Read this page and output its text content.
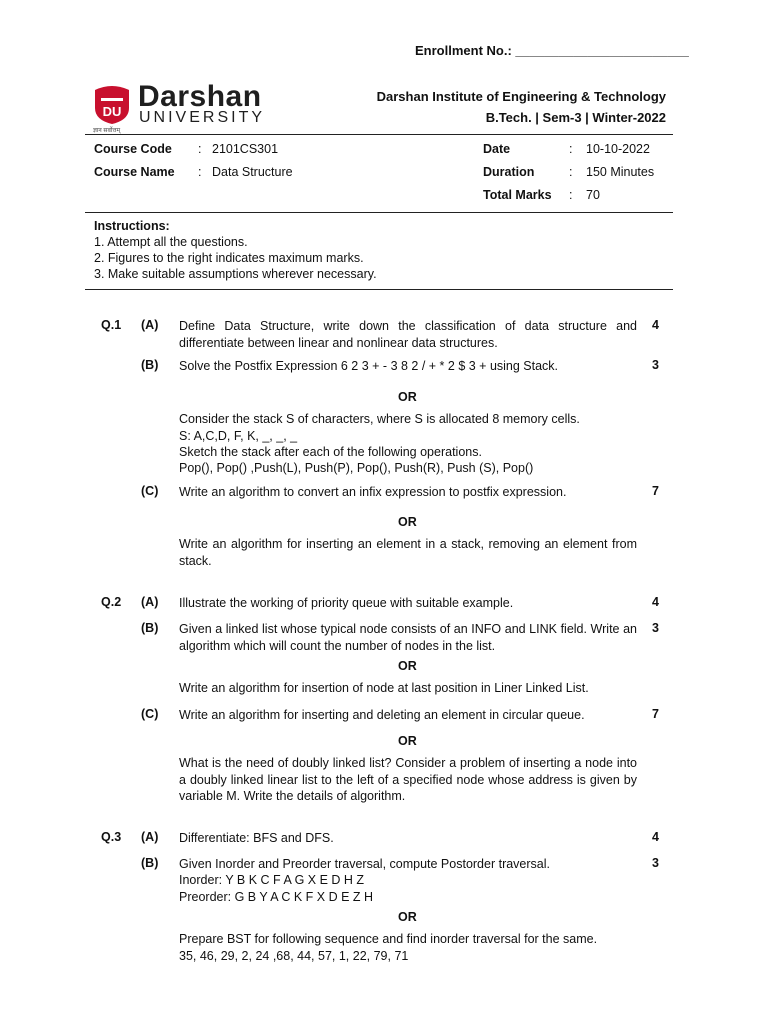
Enrollment No.: ________________________
DU Darshan
UNIVERSITY
ज्ञान सर्वोत्तम्
Darshan Institute of Engineering & Technology
B.Tech. | Sem-3 | Winter-2022
Course Code : 2101CS301
Course Name : Data Structure
Date	: 10-10-2022
Duration	: 150 Minutes
Total Marks : 70
Instructions:
1. Attempt all the questions.
2. Figures to the right indicates maximum marks.
3. Make suitable assumptions wherever necessary.
Q.1 (A) Define Data Structure, write down the classification of data structure and differentiate between linear and nonlinear data structures.
4
(B) Solve the Postfix Expression 6 2 3 + - 3 8 2 / + * 2 $ 3 + using Stack.	3
OR
Consider the stack S of characters, where S is allocated 8 memory cells.
S: A,C,D, F, K, _, _, _
Sketch the stack after each of the following operations.
Pop(), Pop() ,Push(L), Push(P), Pop(), Push(R), Push (S), Pop()
(C) Write an algorithm to convert an infix expression to postfix expression.	7
OR
Write an algorithm for inserting an element in a stack, removing an element from stack.
Q.2 (A) Illustrate the working of priority queue with suitable example.	4
(B) Given a linked list whose typical node consists of an INFO and LINK field. Write an algorithm which will count the number of nodes in the list.
3
OR
Write an algorithm for insertion of node at last position in Liner Linked List.
(C) Write an algorithm for inserting and deleting an element in circular queue.	7
OR
What is the need of doubly linked list? Consider a problem of inserting a node into a doubly linked linear list to the left of a specified node whose address is given by variable M. Write the details of algorithm.
Q.3 (A) Differentiate: BFS and DFS.	4
(B) Given Inorder and Preorder traversal, compute Postorder traversal.
Inorder: Y B K C F A G X E D H Z
Preorder: G B Y A C K F X D E Z H
3
OR
Prepare BST for following sequence and find inorder traversal for the same.
35, 46, 29, 2, 24 ,68, 44, 57, 1, 22, 79, 71
